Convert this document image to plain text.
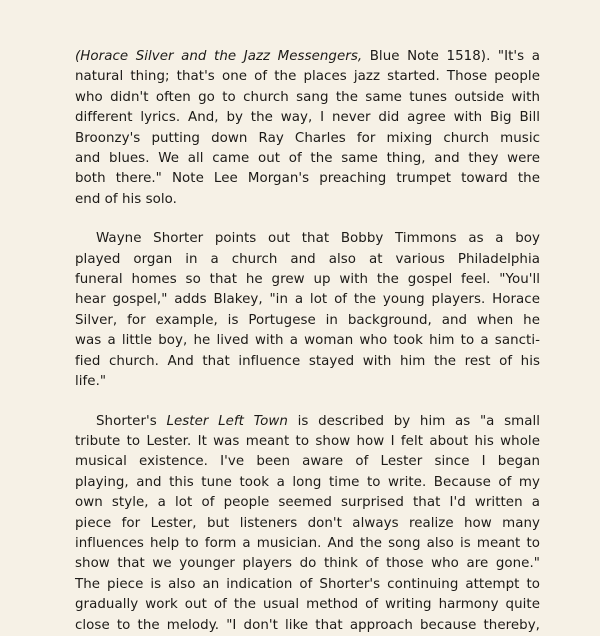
(Horace Silver and the Jazz Messengers, Blue Note 1518). "It's a
natural thing; that's one of the places jazz started. Those people
who didn't often go to church sang the same tunes outside with
different lyrics. And, by the way, I never did agree with Big Bill
Broonzy's putting down Ray Charles for mixing church music
and blues. We all came out of the same thing, and they were
both there." Note Lee Morgan's preaching trumpet toward the
end of his solo.

Wayne Shorter points out that Bobby Timmons as a boy
played organ in a church and also at various Philadelphia
funeral homes so that he grew up with the gospel feel. "You'll
hear gospel," adds Blakey, "in a lot of the young players. Horace
Silver, for example, is Portugese in background, and when he
was a little boy, he lived with a woman who took him to a sancti-
fied church. And that influence stayed with him the rest of his
life."

Shorter's Lester Left Town is described by him as "a small
tribute to Lester. It was meant to show how I felt about his whole
musical existence. I've been aware of Lester since I began
playing, and this tune took a long time to write. Because of my
own style, a lot of people seemed surprised that I'd written a
piece for Lester, but listeners don't always realize how many
influences help to form a musician. And the song also is meant to
show that we younger players do think of those who are gone."
The piece is also an indication of Shorter's continuing attempt to
gradually work out of the usual method of writing harmony quite
close to the melody. "I don't like that approach because thereby,
